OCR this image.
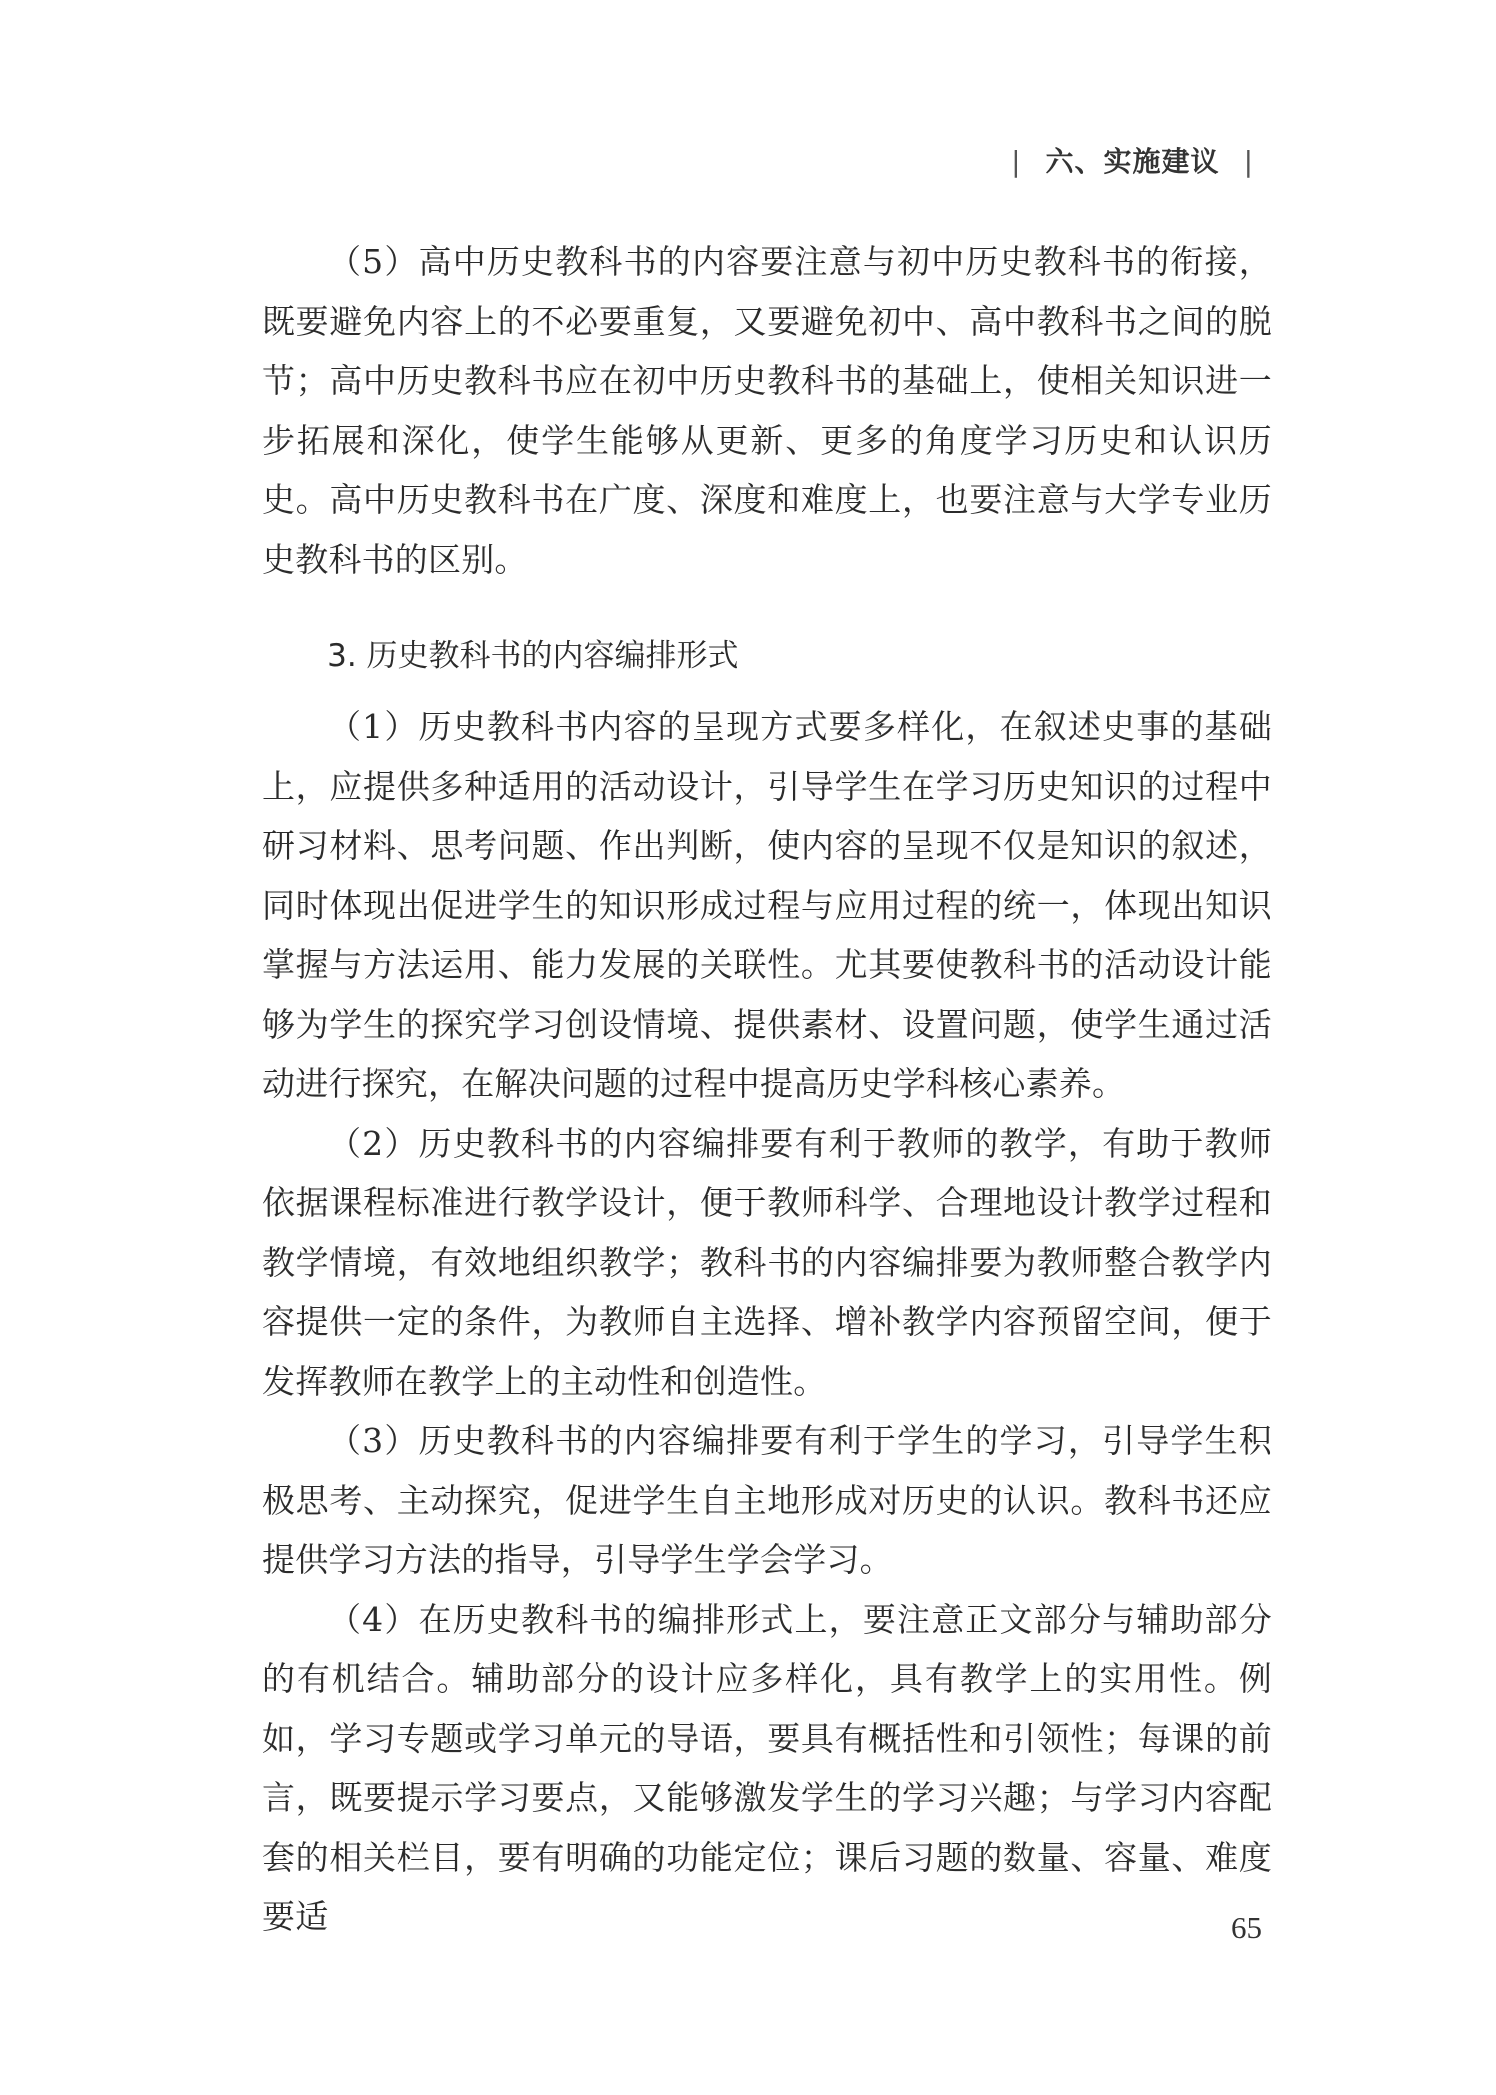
| 六、实施建议 |

（5）高中历史教科书的内容要注意与初中历史教科书的衔接，既要避免内容上的不必要重复，又要避免初中、高中教科书之间的脱节；高中历史教科书应在初中历史教科书的基础上，使相关知识进一步拓展和深化，使学生能够从更新、更多的角度学习历史和认识历史。高中历史教科书在广度、深度和难度上，也要注意与大学专业历史教科书的区别。

3. 历史教科书的内容编排形式

（1）历史教科书内容的呈现方式要多样化，在叙述史事的基础上，应提供多种适用的活动设计，引导学生在学习历史知识的过程中研习材料、思考问题、作出判断，使内容的呈现不仅是知识的叙述，同时体现出促进学生的知识形成过程与应用过程的统一，体现出知识掌握与方法运用、能力发展的关联性。尤其要使教科书的活动设计能够为学生的探究学习创设情境、提供素材、设置问题，使学生通过活动进行探究，在解决问题的过程中提高历史学科核心素养。

（2）历史教科书的内容编排要有利于教师的教学，有助于教师依据课程标准进行教学设计，便于教师科学、合理地设计教学过程和教学情境，有效地组织教学；教科书的内容编排要为教师整合教学内容提供一定的条件，为教师自主选择、增补教学内容预留空间，便于发挥教师在教学上的主动性和创造性。

（3）历史教科书的内容编排要有利于学生的学习，引导学生积极思考、主动探究，促进学生自主地形成对历史的认识。教科书还应提供学习方法的指导，引导学生学会学习。

（4）在历史教科书的编排形式上，要注意正文部分与辅助部分的有机结合。辅助部分的设计应多样化，具有教学上的实用性。例如，学习专题或学习单元的导语，要具有概括性和引领性；每课的前言，既要提示学习要点，又能够激发学生的学习兴趣；与学习内容配套的相关栏目，要有明确的功能定位；课后习题的数量、容量、难度要适	65
